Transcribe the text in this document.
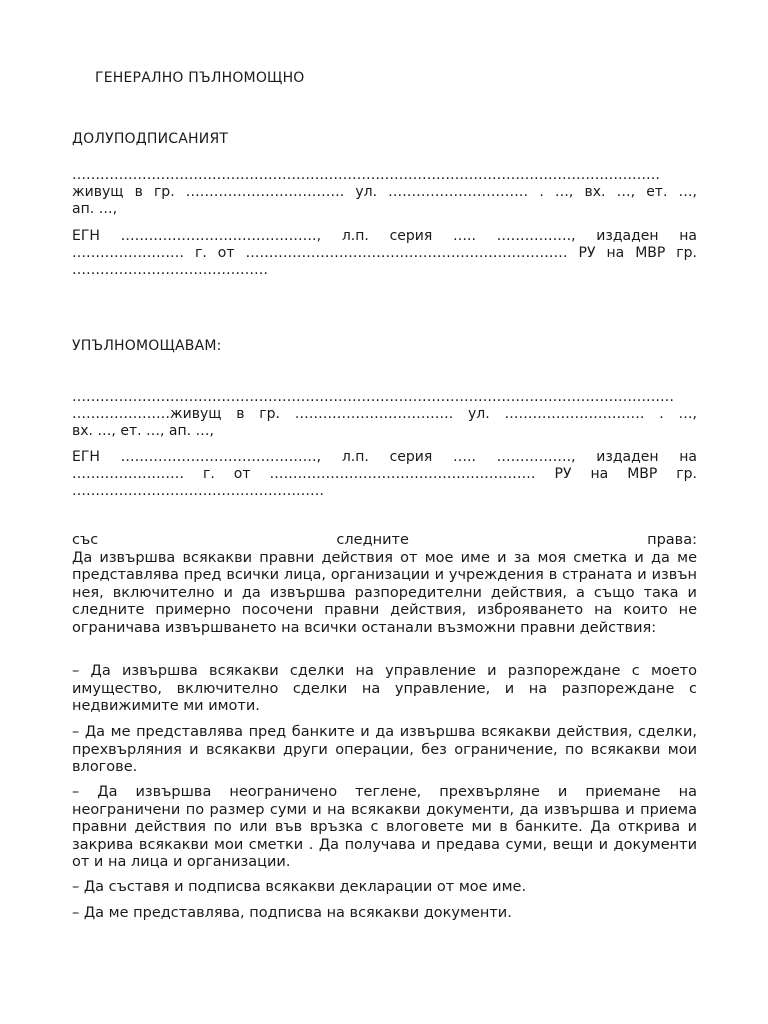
ГЕНЕРАЛНО ПЪЛНОМОЩНО
ДОЛУПОДПИСАНИЯТ
………………………………………………………………………………………………………………
живущ в гр. ……………………………. ул. ………………………… . …, вх. …, ет. …,
ап. …,
ЕГН ……………………………………, л.п. серия ….. ……………., издаден на
…………………… г. от …………………………………………………………… РУ на МВР гр.
……………………………………
УПЪЛНОМОЩАВАМ:
…………………………………………………………………………………………………………………
…………………живущ в гр. ……………………………. ул. ………………………… . …,
вх. …, ет. …, ап. …,
ЕГН ……………………………………, л.п. серия ….. ……………., издаден на
…………………… г. от ………………………………………………… РУ на МВР гр.
………………………………………………
със	следните	права:
Да извършва всякакви правни действия от мое име и за моя сметка и да ме представлява пред всички лица, организации и учреждения в страната и извън нея, включително и да извършва разпоредителни действия, а също така и следните примерно посочени правни действия, изброяването на които не ограничава извършването на всички останали възможни правни действия:
– Да извършва всякакви сделки на управление и разпореждане с моето имущество, включително сделки на управление, и на разпореждане с недвижимите ми имоти.
– Да ме представлява пред банките и да извършва всякакви действия, сделки, прехвърляния и всякакви други операции, без ограничение, по всякакви мои влогове.
– Да извършва неограничено теглене, прехвърляне и приемане на неограничени по размер суми и на всякакви документи, да извършва и приема правни действия по или във връзка с влоговете ми в банките. Да открива и закрива всякакви мои сметки . Да получава и предава суми, вещи и документи от и на лица и организации.
– Да съставя и подписва всякакви декларации от мое име.
– Да ме представлява, подписва на всякакви документи.
